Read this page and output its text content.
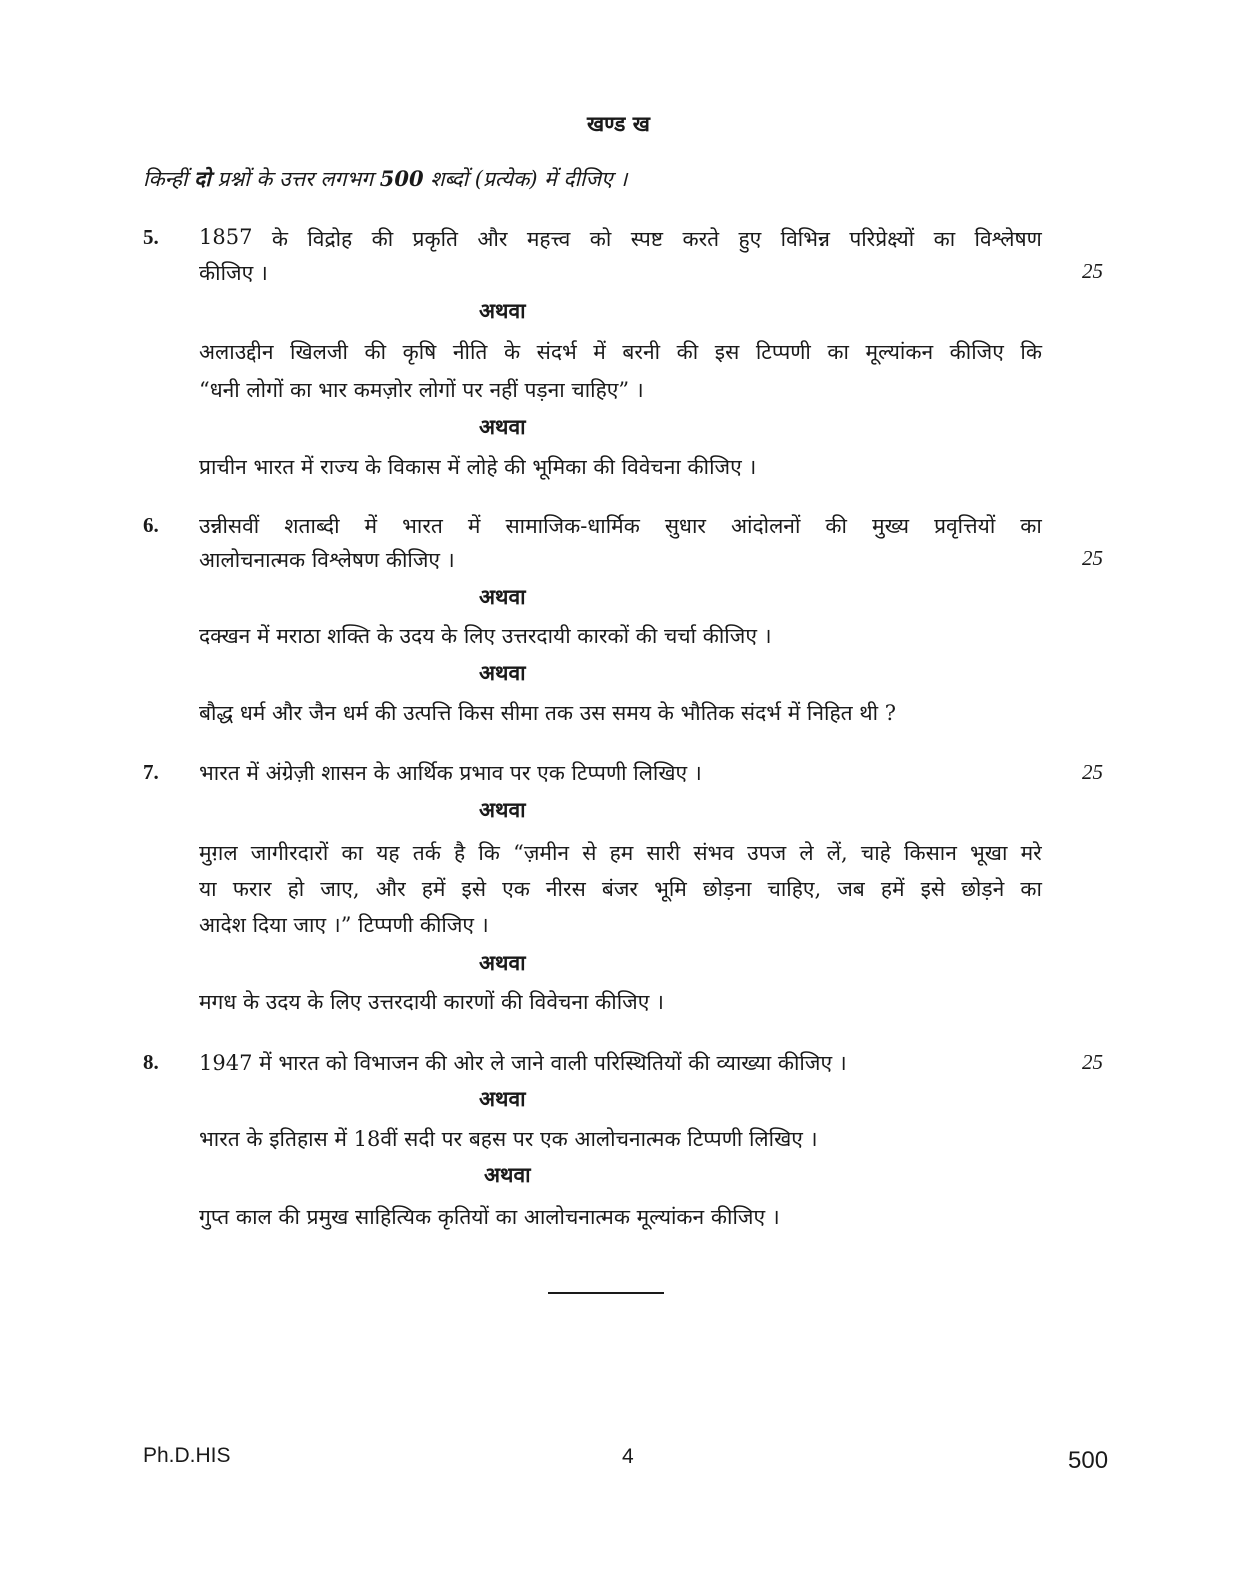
खण्ड ख
किन्हीं दो प्रश्नों के उत्तर लगभग 500 शब्दों (प्रत्येक) में दीजिए ।
5. 1857 के विद्रोह की प्रकृति और महत्त्व को स्पष्ट करते हुए विभिन्न परिप्रेक्ष्यों का विश्लेषण
कीजिए ।	25
अथवा
अलाउद्दीन खिलजी की कृषि नीति के संदर्भ में बरनी की इस टिप्पणी का मूल्यांकन कीजिए कि
“धनी लोगों का भार कमज़ोर लोगों पर नहीं पड़ना चाहिए” ।
अथवा
प्राचीन भारत में राज्य के विकास में लोहे की भूमिका की विवेचना कीजिए ।
6. उन्नीसवीं शताब्दी में भारत में सामाजिक-धार्मिक सुधार आंदोलनों की मुख्य प्रवृत्तियों का
आलोचनात्मक विश्लेषण कीजिए ।	25
अथवा
दक्खन में मराठा शक्ति के उदय के लिए उत्तरदायी कारकों की चर्चा कीजिए ।
अथवा
बौद्ध धर्म और जैन धर्म की उत्पत्ति किस सीमा तक उस समय के भौतिक संदर्भ में निहित थी ?
7. भारत में अंग्रेज़ी शासन के आर्थिक प्रभाव पर एक टिप्पणी लिखिए ।	25
अथवा
मुग़ल जागीरदारों का यह तर्क है कि “ज़मीन से हम सारी संभव उपज ले लें, चाहे किसान भूखा मरे
या फरार हो जाए, और हमें इसे एक नीरस बंजर भूमि छोड़ना चाहिए, जब हमें इसे छोड़ने का
आदेश दिया जाए ।” टिप्पणी कीजिए ।
अथवा
मगध के उदय के लिए उत्तरदायी कारणों की विवेचना कीजिए ।
8. 1947 में भारत को विभाजन की ओर ले जाने वाली परिस्थितियों की व्याख्या कीजिए ।	25
अथवा
भारत के इतिहास में 18वीं सदी पर बहस पर एक आलोचनात्मक टिप्पणी लिखिए ।
अथवा
गुप्त काल की प्रमुख साहित्यिक कृतियों का आलोचनात्मक मूल्यांकन कीजिए ।
Ph.D.HIS	4	500
